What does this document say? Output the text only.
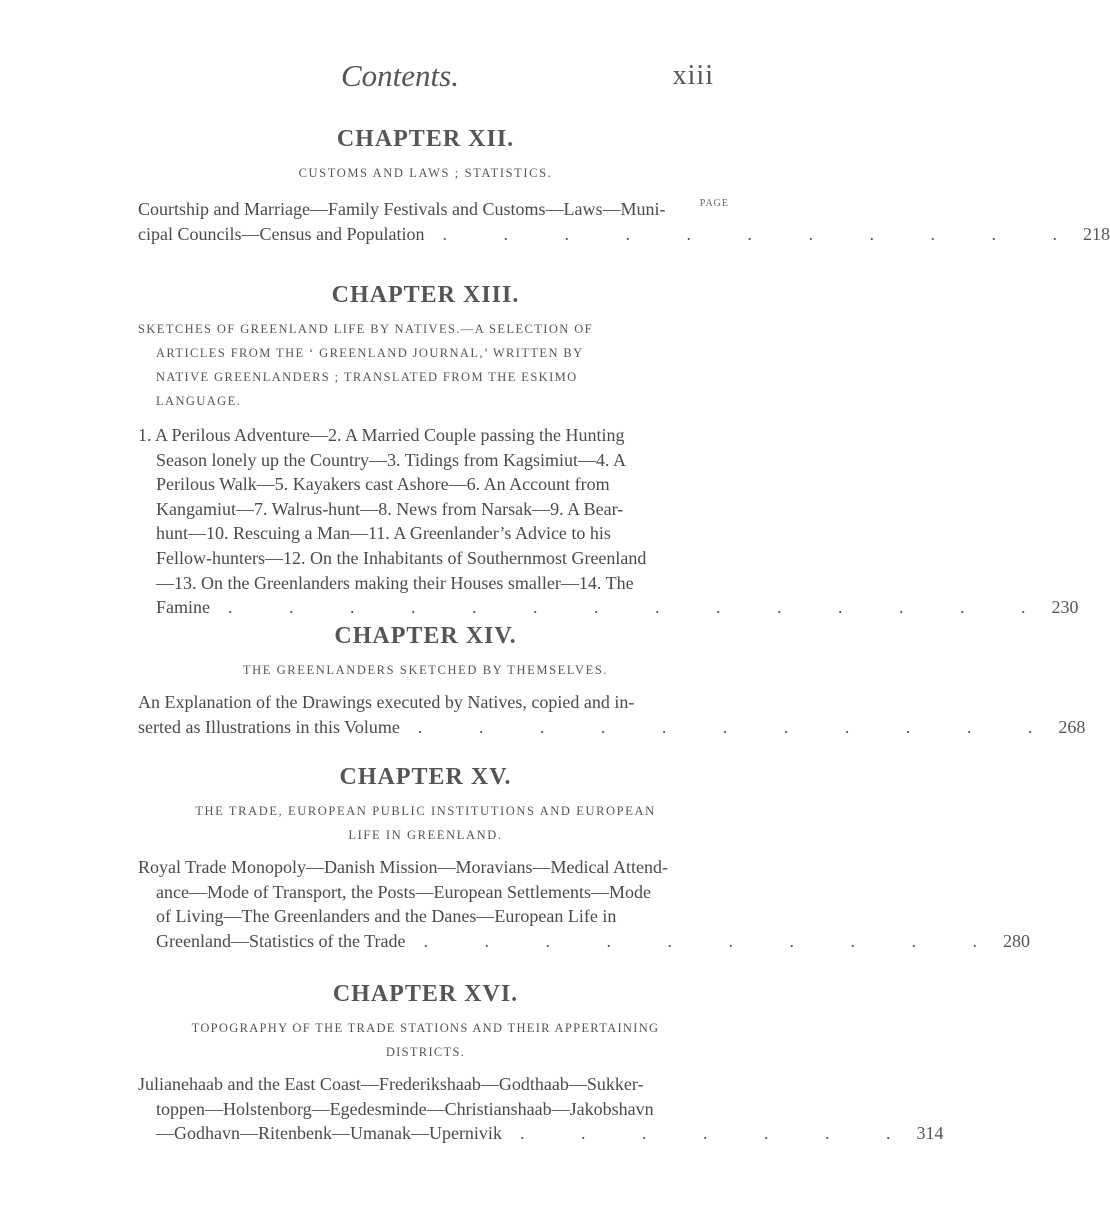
Contents.	xiii
CHAPTER XII.

CUSTOMS AND LAWS ; STATISTICS.

PAGE
Courtship and Marriage—Family Festivals and Customs—Laws—Muni-
cipal Councils—Census and Population	. . . . . . . . . . . 218
CHAPTER XIII.

SKETCHES OF GREENLAND LIFE BY NATIVES.—A SELECTION OF
ARTICLES FROM THE ‘ GREENLAND JOURNAL,’ WRITTEN BY
NATIVE GREENLANDERS ; TRANSLATED FROM THE ESKIMO
LANGUAGE.

1. A Perilous Adventure—2. A Married Couple passing the Hunting
Season lonely up the Country—3. Tidings from Kagsimiut—4. A
Perilous Walk—5. Kayakers cast Ashore—6. An Account from
Kangamiut—7. Walrus-hunt—8. News from Narsak—9. A Bear-
hunt—10. Rescuing a Man—11. A Greenlander’s Advice to his
Fellow-hunters—12. On the Inhabitants of Southernmost Greenland
—13. On the Greenlanders making their Houses smaller—14. The
Famine	. . . . . . . . . . . . . . 230
CHAPTER XIV.

THE GREENLANDERS SKETCHED BY THEMSELVES.

An Explanation of the Drawings executed by Natives, copied and in-
serted as Illustrations in this Volume	. . . . . . . . . . . 268
CHAPTER XV.

THE TRADE, EUROPEAN PUBLIC INSTITUTIONS AND EUROPEAN
LIFE IN GREENLAND.

Royal Trade Monopoly—Danish Mission—Moravians—Medical Attend-
ance—Mode of Transport, the Posts—European Settlements—Mode
of Living—The Greenlanders and the Danes—European Life in
Greenland—Statistics of the Trade	. . . . . . . . . . 280
CHAPTER XVI.

TOPOGRAPHY OF THE TRADE STATIONS AND THEIR APPERTAINING
DISTRICTS.

Julianehaab and the East Coast—Frederikshaab—Godthaab—Sukker-
toppen—Holstenborg—Egedesminde—Christianshaab—Jakobshavn
—Godhavn—Ritenbenk—Umanak—Upernivik	. . . . . . . 314
